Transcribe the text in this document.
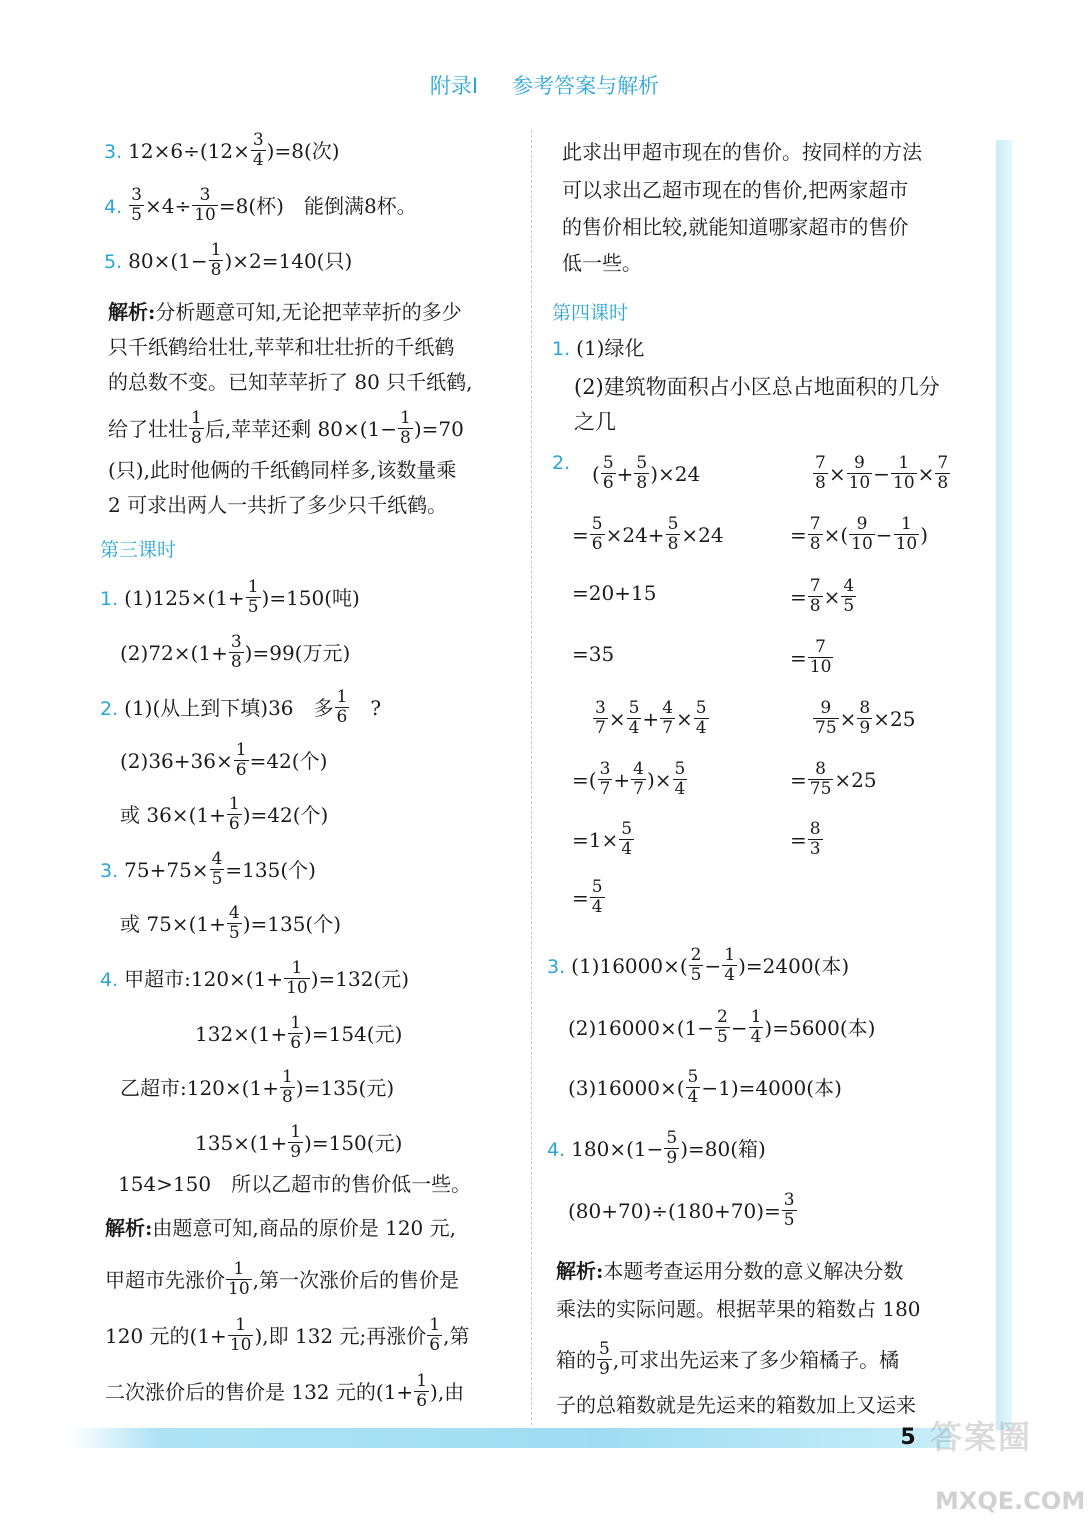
附录Ⅰ 参考答案与解析
3. $12\times 6\div(12\times \frac{3}{4} )=8$(次)
4. $\frac{3}{5} \times 4\div \frac{3}{10} =8$(杯)　能倒满8杯。
5. $80\times(1- \frac{1}{8} )\times 2=140$(只)
解析:分析题意可知,无论把苹苹折的多少
只千纸鹤给壮壮,苹苹和壮壮折的千纸鹤
的总数不变。已知苹苹折了 80 只千纸鹤,
给了壮壮 $\frac{1}{8}$ 后,苹苹还剩 $80\times(1- \frac{1}{8} )=70$
(只),此时他俩的千纸鹤同样多,该数量乘
2 可求出两人一共折了多少只千纸鹤。
第三课时
1. $(1)125\times(1+ \frac{1}{5} )=150$(吨)
$(2)72\times(1+ \frac{3}{8} )=99$(万元)
2. (1)(从上到下填)36　多 $\frac{1}{6}$ 　?
$(2)36+36\times \frac{1}{6} =42$(个)
或 $36\times(1+ \frac{1}{6} )=42$(个)
3. $75+75\times \frac{4}{5} =135$(个)
或 $75\times(1+ \frac{4}{5} )=135$(个)
4. 甲超市:120×(1+ $\frac{1}{10} )=132$(元)
$132\times(1+ \frac{1}{6} )=154$(元)
乙超市:120×(1+ $\frac{1}{8} )=135$(元)
$135\times(1+ \frac{1}{9} )=150$(元)
154>150　所以乙超市的售价低一些。
解析:由题意可知,商品的原价是 120 元,
甲超市先涨价 $\frac{1}{10}$ ,第一次涨价后的售价是
120 元的($1+ \frac{1}{10}$ ),即 132 元;再涨价 $\frac{1}{6}$ ,第
二次涨价后的售价是 132 元的($1+ \frac{1}{6}$ ),由
此求出甲超市现在的售价。按同样的方法
可以求出乙超市现在的售价,把两家超市
的售价相比较,就能知道哪家超市的售价
低一些。
第四课时
1. (1)绿化
(2)建筑物面积占小区总占地面积的几分
之几
2.	( $\frac{5}{6} + \frac{5}{8} )\times 24$
= $\frac{5}{6} \times 24+ \frac{5}{8} \times 24$
=20+15
=35
$\frac{7}{8} \times \frac{9}{10} - \frac{1}{10} \times \frac{7}{8}$
= $\frac{7}{8}$ ×( $\frac{9}{10} - \frac{1}{10}$ )
= $\frac{7}{8} \times \frac{4}{5}$
= $\frac{7}{10}$
$\frac{3}{7} \times \frac{5}{4} + \frac{4}{7} \times \frac{5}{4}$
=( $\frac{3}{7} + \frac{4}{7}$ )× $\frac{5}{4}$
$=1\times \frac{5}{4}$
= $\frac{5}{4}$
$\frac{9}{75} \times \frac{8}{9} \times 25$
= $\frac{8}{75} \times 25$
= $\frac{8}{3}$
3. $(1)16000\times( \frac{2}{5} - \frac{1}{4} )=2400$(本)
$(2)16000\times(1- \frac{2}{5} - \frac{1}{4} )=5600$(本)
$(3)16000\times( \frac{5}{4} -1)=4000$(本)
4. $180\times(1- \frac{5}{9} )=80$(箱)
$(80+70)\div(180+70)= \frac{3}{5}$
解析:本题考查运用分数的意义解决分数
乘法的实际问题。根据苹果的箱数占 180
箱的 $\frac{5}{9}$ ,可求出先运来了多少箱橘子。橘
子的总箱数就是先运来的箱数加上又运来
5 答案圈
MXQE.COM
